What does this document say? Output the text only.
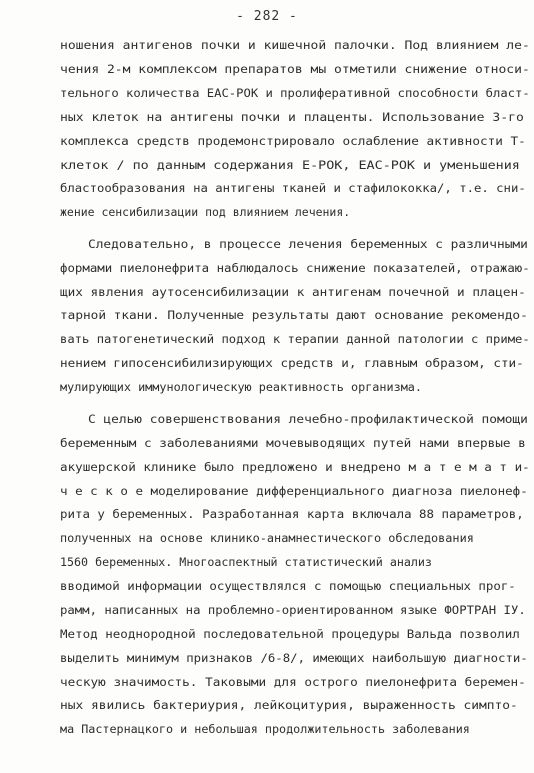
- 282 -
ношения антигенов почки и кишечной палочки. Под влиянием ле-
чения 2-м комплексом препаратов мы отметили снижение относи-
тельного количества ЕАС-РОК и пролиферативной способности бласт-
ных клеток на антигены почки и плаценты. Использование 3-го
комплекса средств продемонстрировало ослабление активности Т-
клеток / по данным содержания Е-РОК, ЕАС-РОК и уменьшения
бластообразования на антигены тканей и стафилококка/, т.е. сни-
жение сенсибилизации под влиянием лечения.
Следовательно, в процессе лечения беременных с различными
формами пиелонефрита наблюдалось снижение показателей, отражаю-
щих явления аутосенсибилизации к антигенам почечной и плацен-
тарной ткани. Полученные результаты дают основание рекомендо-
вать патогенетический подход к терапии данной патологии с приме-
нением гипосенсибилизирующих средств и, главным образом, сти-
мулирующих иммунологическую реактивность организма.
С целью совершенствования лечебно-профилактической помощи
беременным с заболеваниями мочевыводящих путей нами впервые в
акушерской клинике было предложено и внедрено м а т е м а т и-
ч е с к о е моделирование дифференциального диагноза пиелонеф-
рита у беременных. Разработанная карта включала 88 параметров,
полученных на основе клинико-анамнестического обследования
1560 беременных. Многоаспектный статистический анализ
вводимой информации осуществлялся с помощью специальных прог-
рамм, написанных на проблемно-ориентированном языке ФОРТРАН IУ.
Метод неоднородной последовательной процедуры Вальда позволил
выделить минимум признаков /6-8/, имеющих наибольшую диагности-
ческую значимость. Таковыми для острого пиелонефрита беремен-
ных явились бактериурия, лейкоцитурия, выраженность симпто-
ма Пастернацкого и небольшая продолжительность заболевания
